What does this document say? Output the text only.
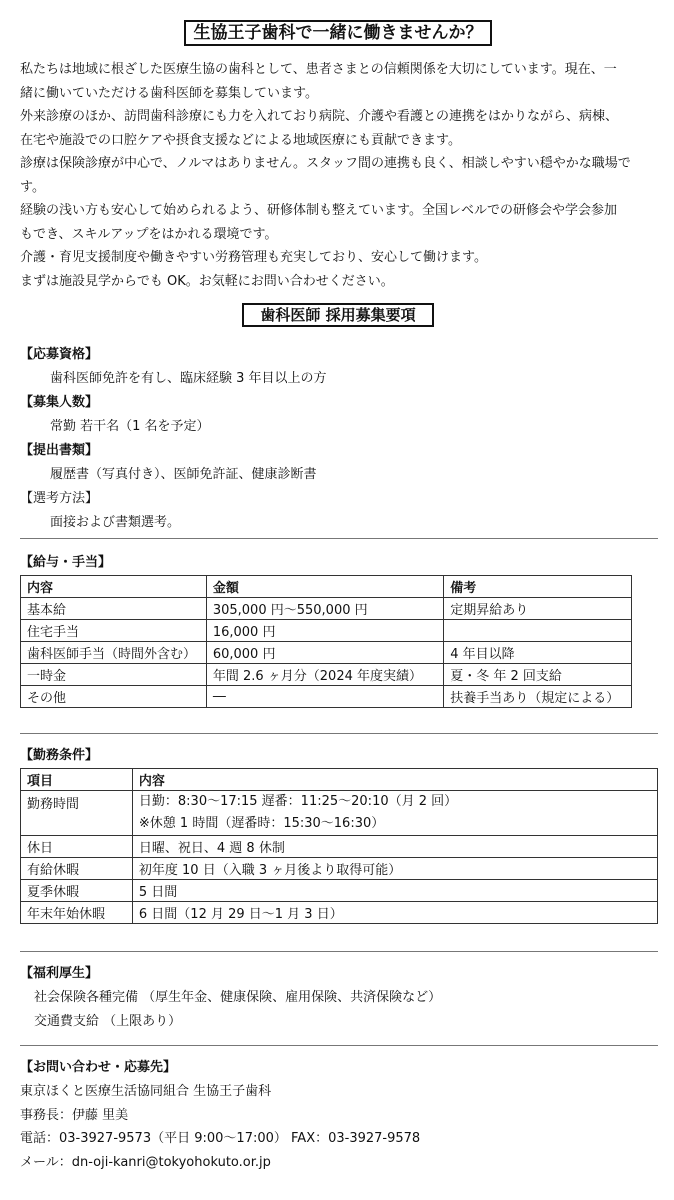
生協王子歯科で一緒に働きませんか？

私たちは地域に根ざした医療生協の歯科として、患者さまとの信頼関係を大切にしています。現在、一

緒に働いていただける歯科医師を募集しています。

外来診療のほか、訪問歯科診療にも力を入れており病院、介護や看護との連携をはかりながら、病棟、

在宅や施設での口腔ケアや摂食支援などによる地域医療にも貢献できます。

診療は保険診療が中心で、ノルマはありません。スタッフ間の連携も良く、相談しやすい穏やかな職場で

す。

経験の浅い方も安心して始められるよう、研修体制も整えています。全国レベルでの研修会や学会参加

もでき、スキルアップをはかれる環境です。

介護・育児支援制度や働きやすい労務管理も充実しており、安心して働けます。

まずは施設見学からでも OK。お気軽にお問い合わせください。

歯科医師 採用募集要項

【応募資格】

歯科医師免許を有し、臨床経験 3 年目以上の方

【募集人数】

常勤 若干名（1 名を予定）

【提出書類】

履歴書（写真付き）、医師免許証、健康診断書

【選考方法】

面接および書類選考。

【給与・手当】
内容	金額	備考
基本給	305,000 円～550,000 円	定期昇給あり
住宅手当	16,000 円	
歯科医師手当（時間外含む）	60,000 円	4 年目以降
一時金	年間 2.6 ヶ月分（2024 年度実績）	夏・冬 年 2 回支給
その他	―	扶養手当あり（規定による）
【勤務条件】
項目	内容
勤務時間	日勤：8:30～17:15 遅番：11:25～20:10（月 2 回）
※休憩 1 時間（遅番時：15:30～16:30）

休日	日曜、祝日、4 週 8 休制
有給休暇	初年度 10 日（入職 3 ヶ月後より取得可能）
夏季休暇	5 日間
年末年始休暇	6 日間（12 月 29 日～1 月 3 日）
【福利厚生】

社会保険各種完備 （厚生年金、健康保険、雇用保険、共済保険など）

交通費支給 （上限あり）

【お問い合わせ・応募先】

東京ほくと医療生活協同組合 生協王子歯科

事務長：伊藤 里美

電話：03-3927-9573（平日 9:00～17:00） FAX：03-3927-9578

メール：dn-oji-kanri@tokyohokuto.or.jp
